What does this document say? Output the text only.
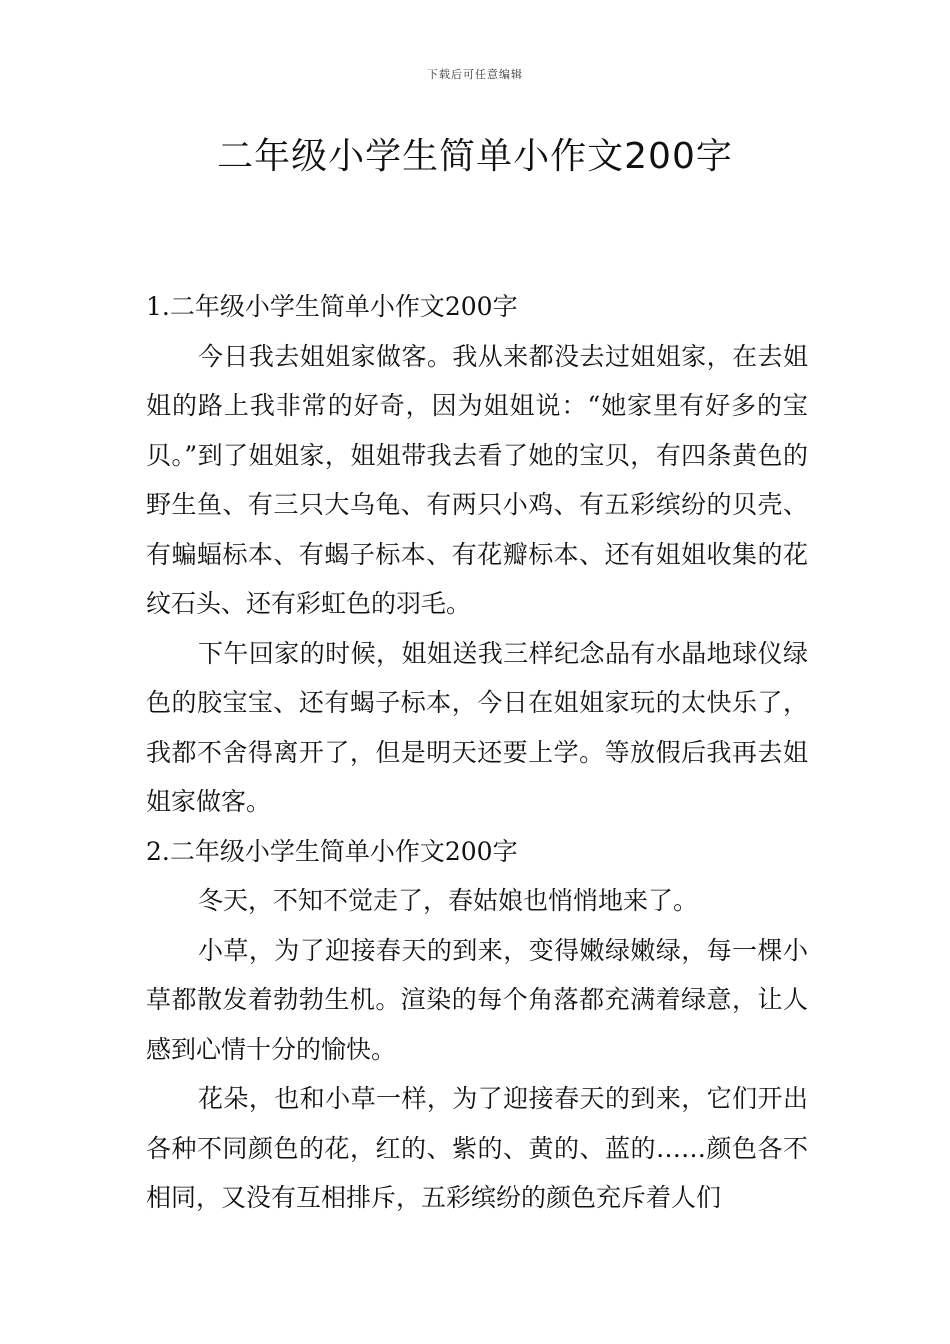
下载后可任意编辑
二年级小学生简单小作文200字

1.二年级小学生简单小作文200字

今日我去姐姐家做客。我从来都没去过姐姐家，在去姐姐的路上我非常的好奇，因为姐姐说：“她家里有好多的宝贝。”到了姐姐家，姐姐带我去看了她的宝贝，有四条黄色的野生鱼、有三只大乌龟、有两只小鸡、有五彩缤纷的贝壳、有蝙蝠标本、有蝎子标本、有花瓣标本、还有姐姐收集的花纹石头、还有彩虹色的羽毛。

下午回家的时候，姐姐送我三样纪念品有水晶地球仪绿色的胶宝宝、还有蝎子标本，今日在姐姐家玩的太快乐了，我都不舍得离开了，但是明天还要上学。等放假后我再去姐姐家做客。

2.二年级小学生简单小作文200字

冬天，不知不觉走了，春姑娘也悄悄地来了。

小草，为了迎接春天的到来，变得嫩绿嫩绿，每一棵小草都散发着勃勃生机。渲染的每个角落都充满着绿意，让人感到心情十分的愉快。

花朵，也和小草一样，为了迎接春天的到来，它们开出各种不同颜色的花，红的、紫的、黄的、蓝的……颜色各不相同，又没有互相排斥，五彩缤纷的颜色充斥着人们
